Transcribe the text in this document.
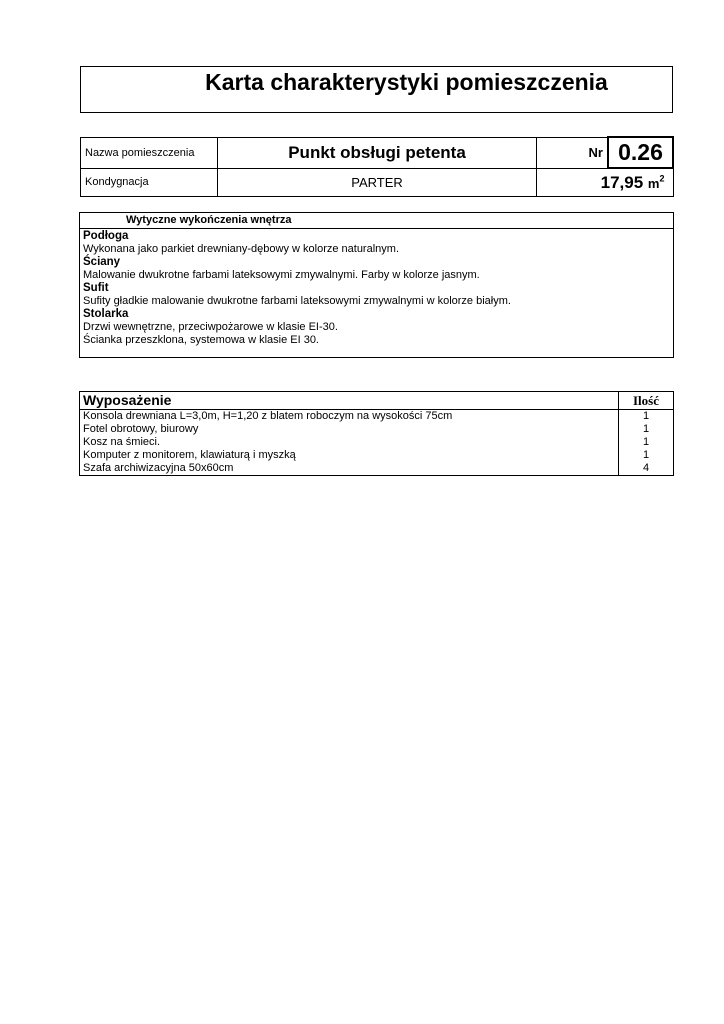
Karta charakterystyki pomieszczenia
Nazwa pomieszczenia	Punkt obsługi petenta	Nr	0.26
Kondygnacja	PARTER	17,95 $m^2$
Wytyczne wykończenia wnętrza
Podłoga
Wykonana jako parkiet drewniany-dębowy w kolorze naturalnym.
Ściany
Malowanie dwukrotne farbami lateksowymi zmywalnymi. Farby w kolorze jasnym.
Sufit
Sufity gładkie malowanie dwukrotne farbami lateksowymi zmywalnymi w kolorze białym.
Stolarka
Drzwi wewnętrzne, przeciwpożarowe w klasie EI-30.
Ścianka przeszklona, systemowa w klasie EI 30.
Wyposażenie	Ilość
Konsola drewniana L=3,0m, H=1,20 z blatem roboczym na wysokości 75cm	1
Fotel obrotowy, biurowy	1
Kosz na śmieci.	1
Komputer z monitorem, klawiaturą i myszką	1
Szafa archiwizacyjna 50x60cm	4
